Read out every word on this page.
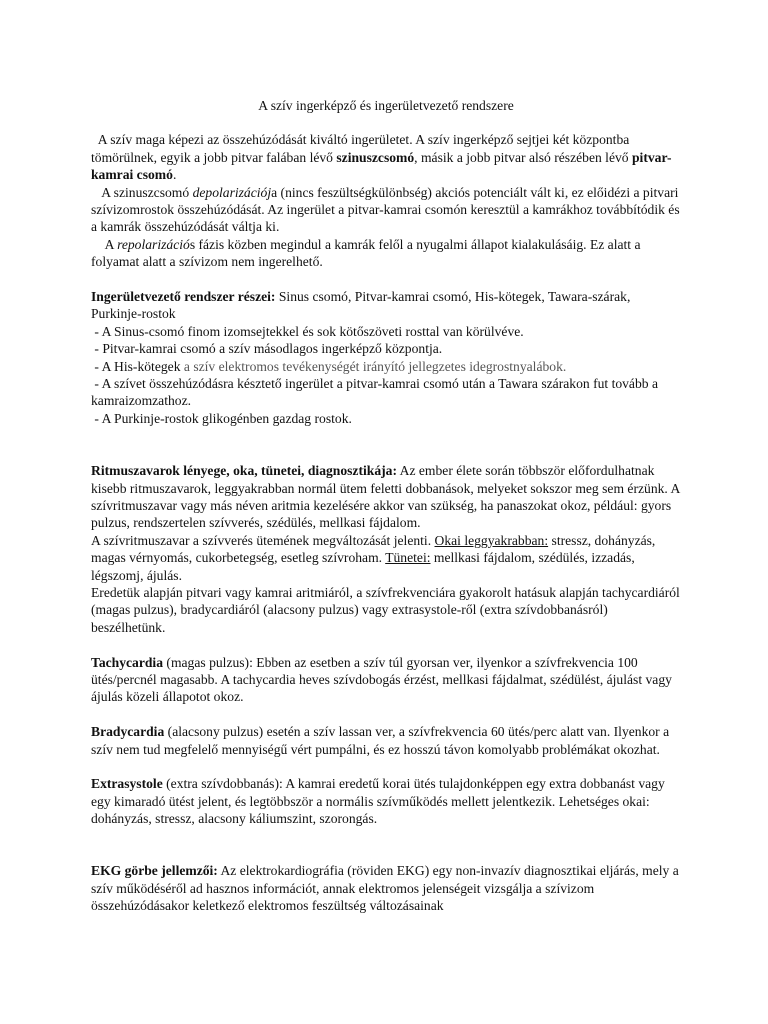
A szív ingerképző és ingerületvezető rendszere

A szív maga képezi az összehúzódását kiváltó ingerületet. A szív ingerképző sejtjei két központba tömörülnek, egyik a jobb pitvar falában lévő szinuszcsomó, másik a jobb pitvar alsó részében lévő pitvar-kamrai csomó.

A szinuszcsomó depolarizációja (nincs feszültségkülönbség) akciós potenciált vált ki, ez előidézi a pitvari szívizomrostok összehúzódását. Az ingerület a pitvar-kamrai csomón keresztül a kamrákhoz továbbítódik és a kamrák összehúzódását váltja ki.

A repolarizációs fázis közben megindul a kamrák felől a nyugalmi állapot kialakulásáig. Ez alatt a folyamat alatt a szívizom nem ingerelhető.

Ingerületvezető rendszer részei: Sinus csomó, Pitvar-kamrai csomó, His-kötegek, Tawara-szárak, Purkinje-rostok

- A Sinus-csomó finom izomsejtekkel és sok kötőszöveti rosttal van körülvéve.

- Pitvar-kamrai csomó a szív másodlagos ingerképző központja.

- A His-kötegek a szív elektromos tevékenységét irányító jellegzetes idegrostnyalábok.

- A szívet összehúzódásra késztető ingerület a pitvar-kamrai csomó után a Tawara szárakon fut tovább a kamraizomzathoz.

- A Purkinje-rostok glikogénben gazdag rostok.

Ritmuszavarok lényege, oka, tünetei, diagnosztikája: Az ember élete során többször előfordulhatnak kisebb ritmuszavarok, leggyakrabban normál ütem feletti dobbanások, melyeket sokszor meg sem érzünk. A szívritmuszavar vagy más néven aritmia kezelésére akkor van szükség, ha panaszokat okoz, például: gyors pulzus, rendszertelen szívverés, szédülés, mellkasi fájdalom.

A szívritmuszavar a szívverés ütemének megváltozását jelenti. Okai leggyakrabban: stressz, dohányzás, magas vérnyomás, cukorbetegség, esetleg szívroham. Tünetei: mellkasi fájdalom, szédülés, izzadás, légszomj, ájulás.

Eredetük alapján pitvari vagy kamrai aritmiáról, a szívfrekvenciára gyakorolt hatásuk alapján tachycardiáról (magas pulzus), bradycardiáról (alacsony pulzus) vagy extrasystole-ről (extra szívdobbanásról) beszélhetünk.

Tachycardia (magas pulzus): Ebben az esetben a szív túl gyorsan ver, ilyenkor a szívfrekvencia 100 ütés/percnél magasabb. A tachycardia heves szívdobogás érzést, mellkasi fájdalmat, szédülést, ájulást vagy ájulás közeli állapotot okoz.

Bradycardia (alacsony pulzus) esetén a szív lassan ver, a szívfrekvencia 60 ütés/perc alatt van. Ilyenkor a szív nem tud megfelelő mennyiségű vért pumpálni, és ez hosszú távon komolyabb problémákat okozhat.

Extrasystole (extra szívdobbanás): A kamrai eredetű korai ütés tulajdonképpen egy extra dobbanást vagy egy kimaradó ütést jelent, és legtöbbször a normális szívműködés mellett jelentkezik. Lehetséges okai: dohányzás, stressz, alacsony káliumszint, szorongás.

EKG görbe jellemzői: Az elektrokardiográfia (röviden EKG) egy non-invazív diagnosztikai eljárás, mely a szív működéséről ad hasznos információt, annak elektromos jelenségeit vizsgálja a szívizom összehúzódásakor keletkező elektromos feszültség változásainak
